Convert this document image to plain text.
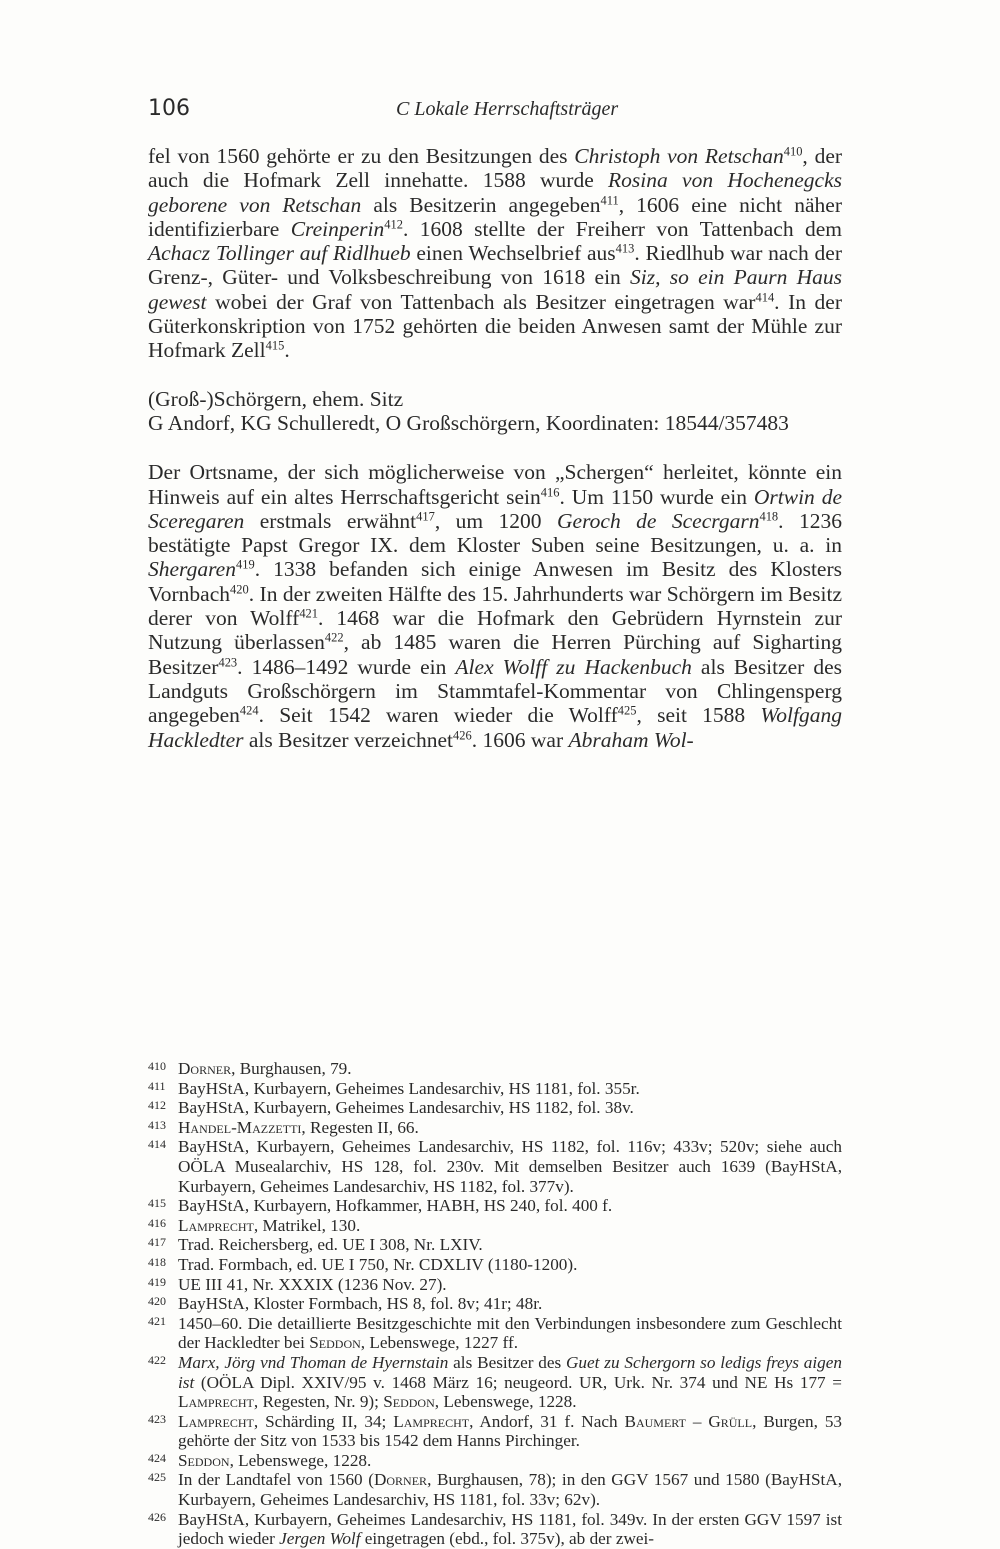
106	C Lokale Herrschaftsträger

fel von 1560 gehörte er zu den Besitzungen des Christoph von Retschan$^{410}$, der auch die Hofmark Zell innehatte. 1588 wurde Rosina von Hochenegcks geborene von Retschan als Besitzerin angegeben$^{411}$, 1606 eine nicht näher identifizierbare Creinperin$^{412}$. 1608 stellte der Freiherr von Tattenbach dem Achacz Tollinger auf Ridlhueb einen Wechselbrief aus$^{413}$. Riedlhub war nach der Grenz-, Güter- und Volksbeschreibung von 1618 ein Siz, so ein Paurn Haus gewest wobei der Graf von Tattenbach als Besitzer eingetragen war$^{414}$. In der Güterkonskription von 1752 gehörten die beiden Anwesen samt der Mühle zur Hofmark Zell$^{415}$.

(Groß-)Schörgern, ehem. Sitz

G Andorf, KG Schulleredt, O Großschörgern, Koordinaten: 18544/357483

Der Ortsname, der sich möglicherweise von „Schergen“ herleitet, könnte ein Hinweis auf ein altes Herrschaftsgericht sein$^{416}$. Um 1150 wurde ein Ortwin de Sceregaren erstmals erwähnt$^{417}$, um 1200 Geroch de Scecrgarn$^{418}$. 1236 bestätigte Papst Gregor IX. dem Kloster Suben seine Besitzungen, u. a. in Shergaren$^{419}$. 1338 befanden sich einige Anwesen im Besitz des Klosters Vornbach$^{420}$. In der zweiten Hälfte des 15. Jahrhunderts war Schörgern im Besitz derer von Wolff$^{421}$. 1468 war die Hofmark den Gebrüdern Hyrnstein zur Nutzung überlassen$^{422}$, ab 1485 waren die Herren Pürching auf Sigharting Besitzer$^{423}$. 1486–1492 wurde ein Alex Wolff zu Hackenbuch als Besitzer des Landguts Großschörgern im Stammtafel-Kommentar von Chlingensperg angegeben$^{424}$. Seit 1542 waren wieder die Wolff$^{425}$, seit 1588 Wolfgang Hackledter als Besitzer verzeichnet$^{426}$. 1606 war Abraham Wol-

410 Dorner, Burghausen, 79.
411 BayHStA, Kurbayern, Geheimes Landesarchiv, HS 1181, fol. 355r.
412 BayHStA, Kurbayern, Geheimes Landesarchiv, HS 1182, fol. 38v.
413 Handel-Mazzetti, Regesten II, 66.
414 BayHStA, Kurbayern, Geheimes Landesarchiv, HS 1182, fol. 116v; 433v; 520v; siehe auch OÖLA Musealarchiv, HS 128, fol. 230v. Mit demselben Besitzer auch 1639 (BayHStA, Kurbayern, Geheimes Landesarchiv, HS 1182, fol. 377v).
415 BayHStA, Kurbayern, Hofkammer, HABH, HS 240, fol. 400 f.
416 Lamprecht, Matrikel, 130.
417 Trad. Reichersberg, ed. UE I 308, Nr. LXIV.
418 Trad. Formbach, ed. UE I 750, Nr. CDXLIV (1180-1200).
419 UE III 41, Nr. XXXIX (1236 Nov. 27).
420 BayHStA, Kloster Formbach, HS 8, fol. 8v; 41r; 48r.
421 1450–60. Die detaillierte Besitzgeschichte mit den Verbindungen insbesondere zum Geschlecht der Hackledter bei Seddon, Lebenswege, 1227 ff.
422 Marx, Jörg vnd Thoman de Hyernstain als Besitzer des Guet zu Schergorn so ledigs freys aigen ist (OÖLA Dipl. XXIV/95 v. 1468 März 16; neugeord. UR, Urk. Nr. 374 und NE Hs 177 = Lamprecht, Regesten, Nr. 9); Seddon, Lebenswege, 1228.
423 Lamprecht, Schärding II, 34; Lamprecht, Andorf, 31 f. Nach Baumert – Grüll, Burgen, 53 gehörte der Sitz von 1533 bis 1542 dem Hanns Pirchinger.
424 Seddon, Lebenswege, 1228.
425 In der Landtafel von 1560 (Dorner, Burghausen, 78); in den GGV 1567 und 1580 (BayHStA, Kurbayern, Geheimes Landesarchiv, HS 1181, fol. 33v; 62v).
426 BayHStA, Kurbayern, Geheimes Landesarchiv, HS 1181, fol. 349v. In der ersten GGV 1597 ist jedoch wieder Jergen Wolf eingetragen (ebd., fol. 375v), ab der zwei-
